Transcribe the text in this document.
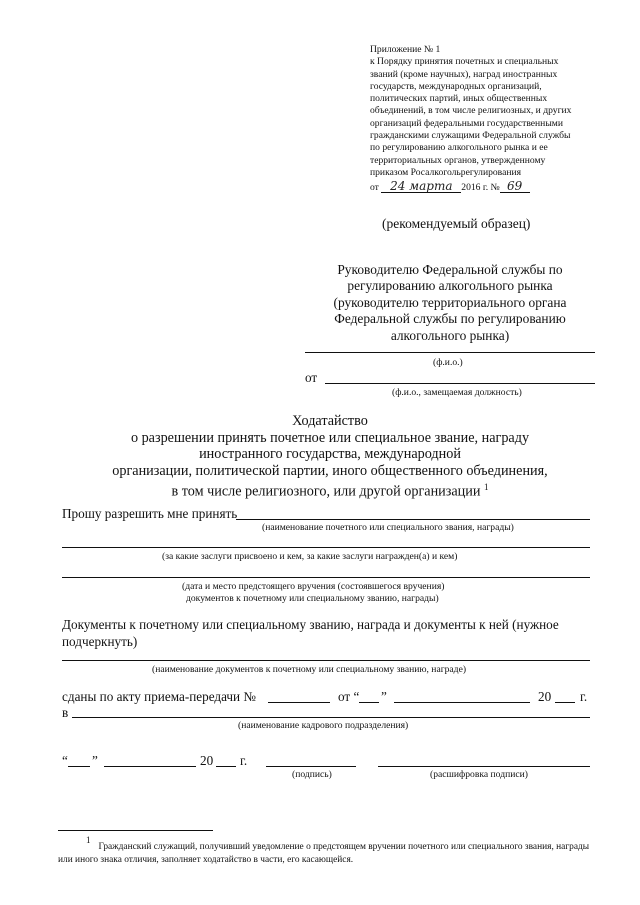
Приложение № 1
к Порядку принятия почетных и специальных
званий (кроме научных), наград иностранных
государств, международных организаций,
политических партий, иных общественных
объединений, в том числе религиозных, и других
организаций федеральными государственными
гражданскими служащими Федеральной службы
по регулированию алкогольного рынка и ее
территориальных органов, утвержденному
приказом Росалкогольрегулирования
от 24 марта 2016 г. № 69
(рекомендуемый образец)
Руководителю Федеральной службы по
регулированию алкогольного рынка
(руководителю территориального органа
Федеральной службы по регулированию
алкогольного рынка)
(ф.и.о.)
от
(ф.и.о., замещаемая должность)
Ходатайство
о разрешении принять почетное или специальное звание, награду
иностранного государства, международной
организации, политической партии, иного общественного объединения,
в том числе религиозного, или другой организации $^1$
Прошу разрешить мне принять
(наименование почетного или специального звания, награды)
(за какие заслуги присвоено и кем, за какие заслуги награжден(а) и кем)
(дата и место предстоящего вручения (состоявшегося вручения)
документов к почетному или специальному званию, награды)
Документы к почетному или специальному званию, награда и документы к ней (нужное
подчеркнуть)
(наименование документов к почетному или специальному званию, награде)
сданы по акту приема-передачи №	от “ ”	20 г.
в
(наименование кадрового подразделения)
“ ”	20 г.
(подпись)	(расшифровка подписи)
$^1$Гражданский служащий, получивший уведомление о предстоящем вручении почетного или специального звания, награды или иного знака отличия, заполняет ходатайство в части, его касающейся.
